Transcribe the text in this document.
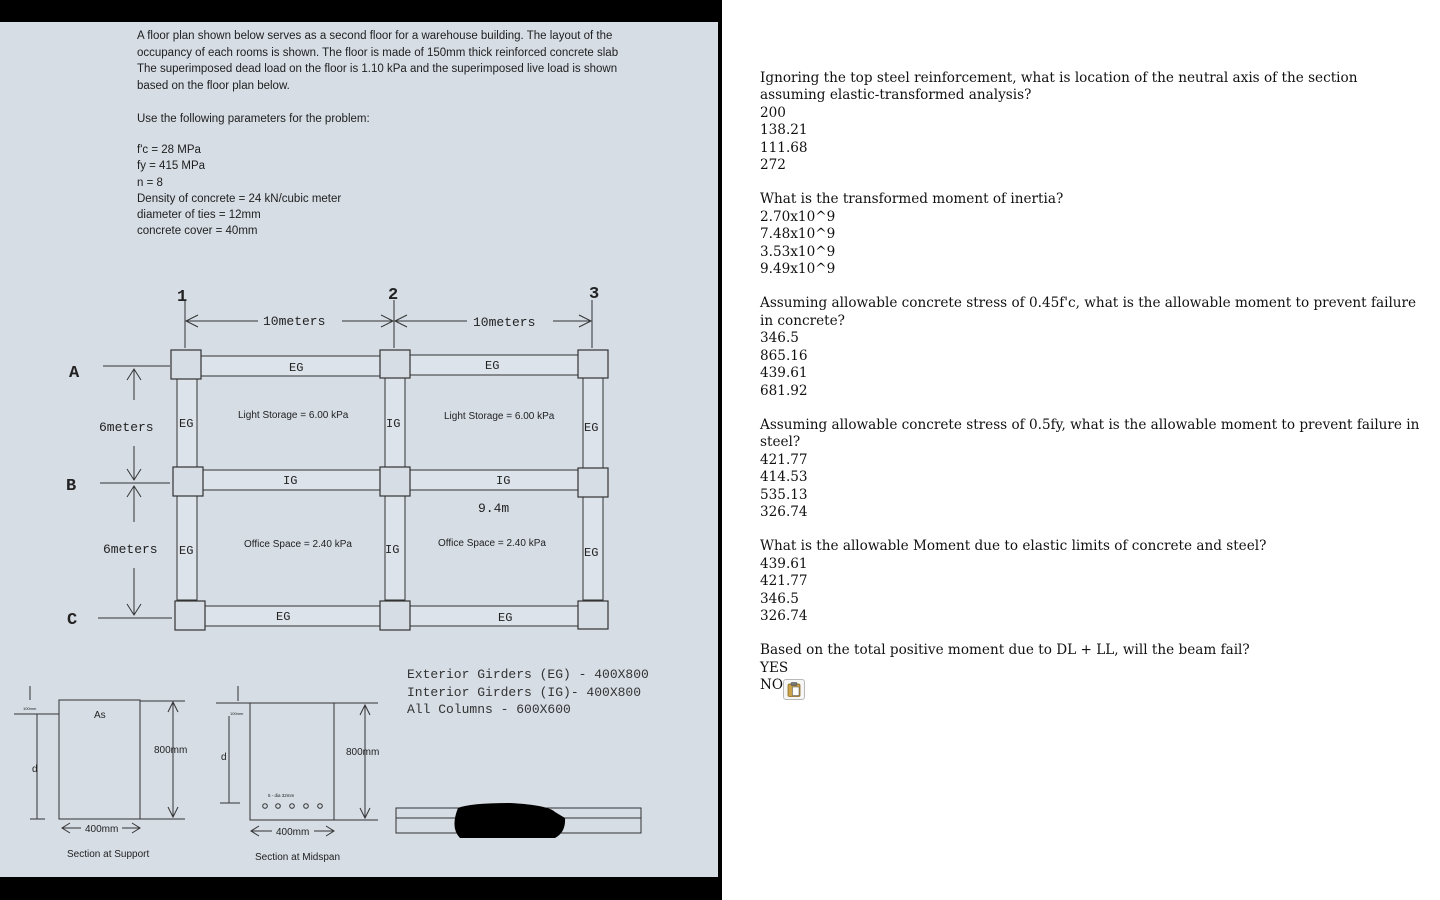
A floor plan shown below serves as a second floor for a warehouse building. The layout of the
occupancy of each rooms is shown. The floor is made of 150mm thick reinforced concrete slab
The superimposed dead load on the floor is 1.10 kPa and the superimposed live load is shown
based on the floor plan below.
Use the following parameters for the problem:
f'c = 28 MPa
fy = 415 MPa
n = 8
Density of concrete = 24 kN/cubic meter
diameter of ties = 12mm
concrete cover = 40mm
1	2	3
A
B
C
10meters	10meters
6meters
6meters
9.4m
EG	EG
IG	IG
EG	EG
EG
EG
IG
IG
EG
EG
Light Storage = 6.00 kPa	Light Storage = 6.00 kPa
Office Space = 2.40 kPa	Office Space = 2.40 kPa
Exterior Girders (EG) - 400X800
Interior Girders (IG)- 400X800
All Columns - 600X600
As
800mm
400mm
d
100mm
Section at Support
800mm
400mm
d
100mm
5 - dia 32mm
Section at Midspan

Ignoring the top steel reinforcement, what is location of the neutral axis of the section assuming elastic-transformed analysis?

200

138.21

111.68

272

What is the transformed moment of inertia?

2.70x10^9

7.48x10^9

3.53x10^9

9.49x10^9

Assuming allowable concrete stress of 0.45f'c, what is the allowable moment to prevent failure in concrete?

346.5

865.16

439.61

681.92

Assuming allowable concrete stress of 0.5fy, what is the allowable moment to prevent failure in steel?

421.77

414.53

535.13

326.74

What is the allowable Moment due to elastic limits of concrete and steel?

439.61

421.77

346.5

326.74

Based on the total positive moment due to DL + LL, will the beam fail?

YES

NO
